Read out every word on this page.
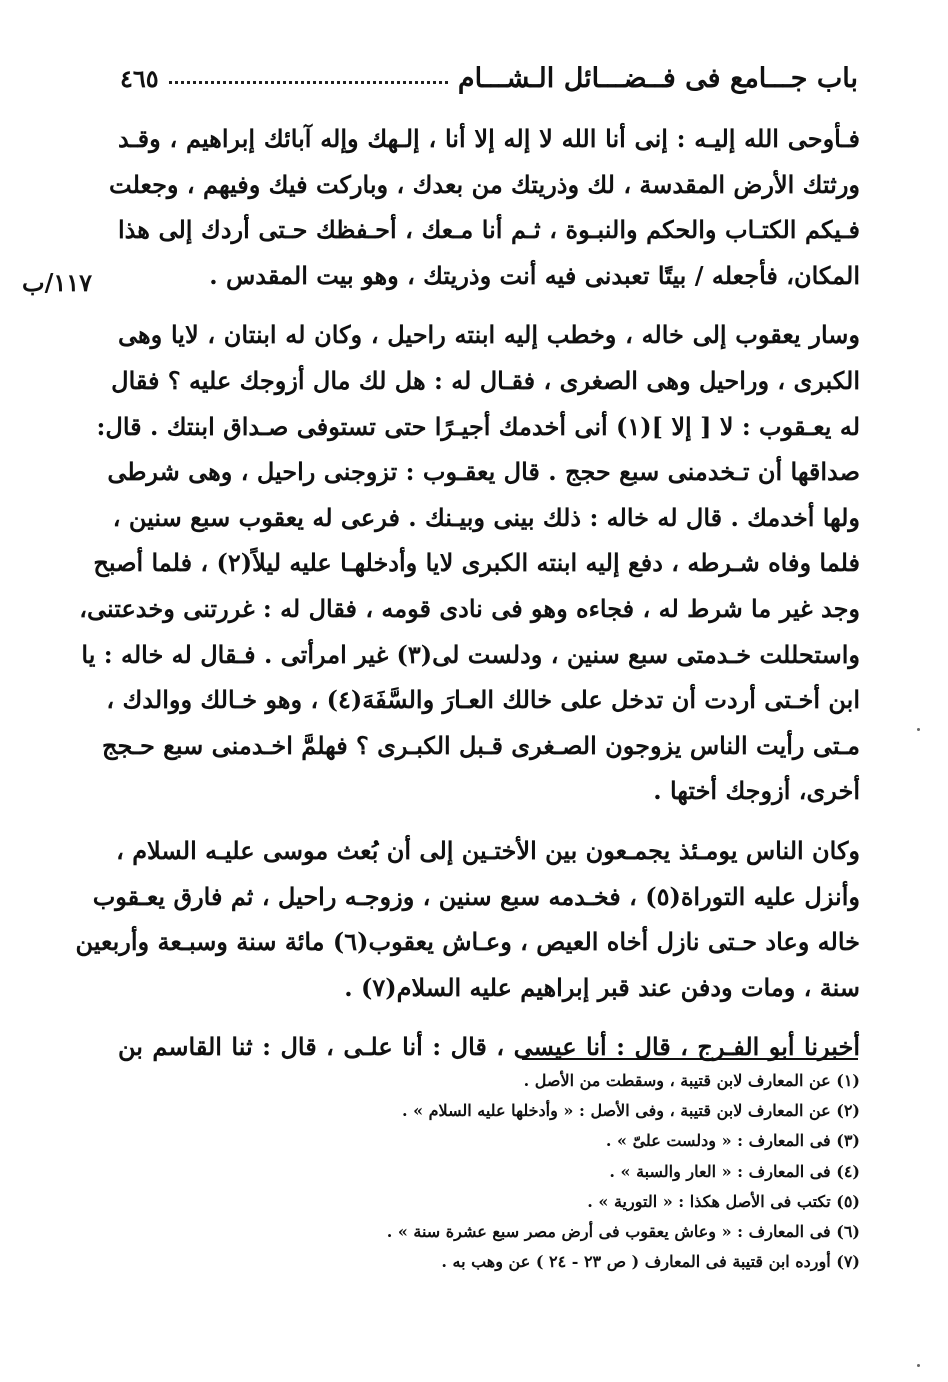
باب جـــامع فى فــضـــائل الـشـــام
٤٦٥
١١٧/ب
فـأوحى الله إليـه : إنى أنا الله لا إله إلا أنا ، إلـهك وإله آبائك إبراهيم ، وقـد
ورثتك الأرض المقدسة ، لك وذريتك من بعدك ، وباركت فيك وفيهم ، وجعلت
فـيكم الكتـاب والحكم والنبـوة ، ثـم أنا مـعك ، أحـفظك حـتى أردك إلى هذا
المكان، فأجعله / بيتًا تعبدنى فيه أنت وذريتك ، وهو بيت المقدس .
وسار يعقوب إلى خاله ، وخطب إليه ابنته راحيل ، وكان له ابنتان ، لايا وهى
الكبرى ، وراحيل وهى الصغرى ، فقـال له : هل لك مال أزوجك عليه ؟ فقال
له يعـقوب : لا [ إلا ](١) أنى أخدمك أجيـرًا حتى تستوفى صـداق ابنتك . قال:
صداقها أن تـخدمنى سبع حجج . قال يعقـوب : تزوجنى راحيل ، وهى شرطى
ولها أخدمك . قال له خاله : ذلك بينى وبيـنك . فرعى له يعقوب سبع سنين ،
فلما وفاه شـرطه ، دفع إليه ابنته الكبرى لايا وأدخلهـا عليه ليلاً(٢) ، فلما أصبح
وجد غير ما شرط له ، فجاءه وهو فى نادى قومه ، فقال له : غررتنى وخدعتنى،
واستحللت خـدمتى سبع سنين ، ودلست لى(٣) غير امرأتى . فـقال له خاله : يا
ابن أخـتى أردت أن تدخل على خالك العـارَ والسَّفَهَ(٤) ، وهو خـالك ووالدك ،
مـتى رأيت الناس يزوجون الصـغرى قـبل الكبـرى ؟ فهلمَّ اخـدمنى سبع حـجج
أخرى، أزوجك أختها .
وكان الناس يومـئذ يجمـعون بين الأختـين إلى أن بُعث موسى عليـه السلام ،
وأنزل عليه التوراة(٥) ، فخـدمه سبع سنين ، وزوجـه راحيل ، ثم فارق يعـقوب
خاله وعاد حـتى نازل أخاه العيص ، وعـاش يعقوب(٦) مائة سنة وسبـعة وأربعين
سنة ، ومات ودفن عند قبر إبراهيم عليه السلام(٧) .
أخبرنا أبو الفـرج ، قال : أنا عيسى ، قال : أنا علـى ، قال : ثنا القاسم بن
(١) عن المعارف لابن قتيبة ، وسقطت من الأصل .
(٢) عن المعارف لابن قتيبة ، وفى الأصل : « وأدخلها عليه السلام » .
(٣) فى المعارف : « ودلست علىّ » .
(٤) فى المعارف : « العار والسبة » .
(٥) تكتب فى الأصل هكذا : « التورية » .
(٦) فى المعارف : « وعاش يعقوب فى أرض مصر سبع عشرة سنة » .
(٧) أورده ابن قتيبة فى المعارف ( ص ٢٣ - ٢٤ ) عن وهب به .
